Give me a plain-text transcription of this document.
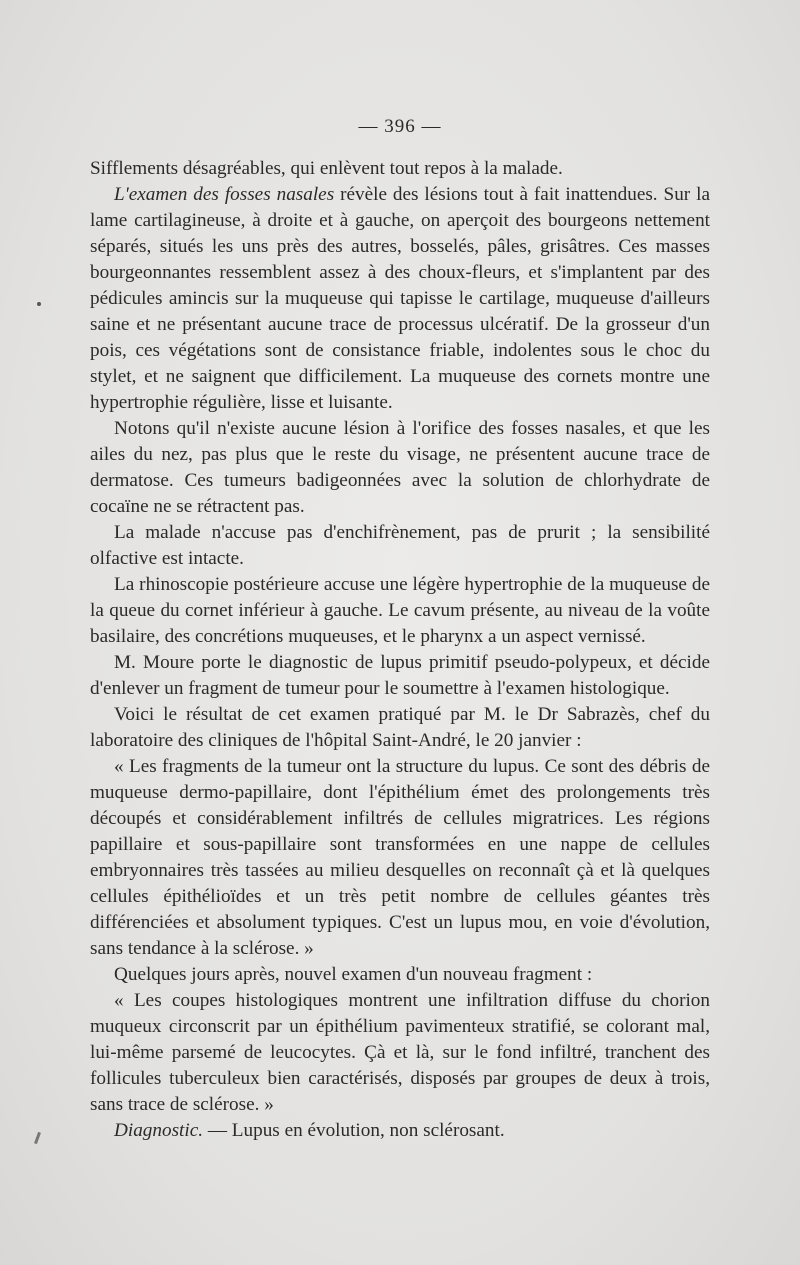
— 396 —

Sifflements désagréables, qui enlèvent tout repos à la malade.

L'examen des fosses nasales révèle des lésions tout à fait inattendues. Sur la lame cartilagineuse, à droite et à gauche, on aperçoit des bourgeons nettement séparés, situés les uns près des autres, bosselés, pâles, grisâtres. Ces masses bourgeonnantes ressemblent assez à des choux-fleurs, et s'implantent par des pédicules amincis sur la muqueuse qui tapisse le cartilage, muqueuse d'ailleurs saine et ne présentant aucune trace de processus ulcératif. De la grosseur d'un pois, ces végétations sont de consistance friable, indolentes sous le choc du stylet, et ne saignent que difficilement. La muqueuse des cornets montre une hypertrophie régulière, lisse et luisante.

Notons qu'il n'existe aucune lésion à l'orifice des fosses nasales, et que les ailes du nez, pas plus que le reste du visage, ne présentent aucune trace de dermatose. Ces tumeurs badigeonnées avec la solution de chlorhydrate de cocaïne ne se rétractent pas.

La malade n'accuse pas d'enchifrènement, pas de prurit ; la sensibilité olfactive est intacte.

La rhinoscopie postérieure accuse une légère hypertrophie de la muqueuse de la queue du cornet inférieur à gauche. Le cavum présente, au niveau de la voûte basilaire, des concrétions muqueuses, et le pharynx a un aspect vernissé.

M. Moure porte le diagnostic de lupus primitif pseudo-polypeux, et décide d'enlever un fragment de tumeur pour le soumettre à l'examen histologique.

Voici le résultat de cet examen pratiqué par M. le Dr Sabrazès, chef du laboratoire des cliniques de l'hôpital Saint-André, le 20 janvier :

« Les fragments de la tumeur ont la structure du lupus. Ce sont des débris de muqueuse dermo-papillaire, dont l'épithélium émet des prolongements très découpés et considérablement infiltrés de cellules migratrices. Les régions papillaire et sous-papillaire sont transformées en une nappe de cellules embryonnaires très tassées au milieu desquelles on reconnaît çà et là quelques cellules épithélioïdes et un très petit nombre de cellules géantes très différenciées et absolument typiques. C'est un lupus mou, en voie d'évolution, sans tendance à la sclérose. »

Quelques jours après, nouvel examen d'un nouveau fragment :

« Les coupes histologiques montrent une infiltration diffuse du chorion muqueux circonscrit par un épithélium pavimenteux stratifié, se colorant mal, lui-même parsemé de leucocytes. Çà et là, sur le fond infiltré, tranchent des follicules tuberculeux bien caractérisés, disposés par groupes de deux à trois, sans trace de sclérose. »

Diagnostic. — Lupus en évolution, non sclérosant.
